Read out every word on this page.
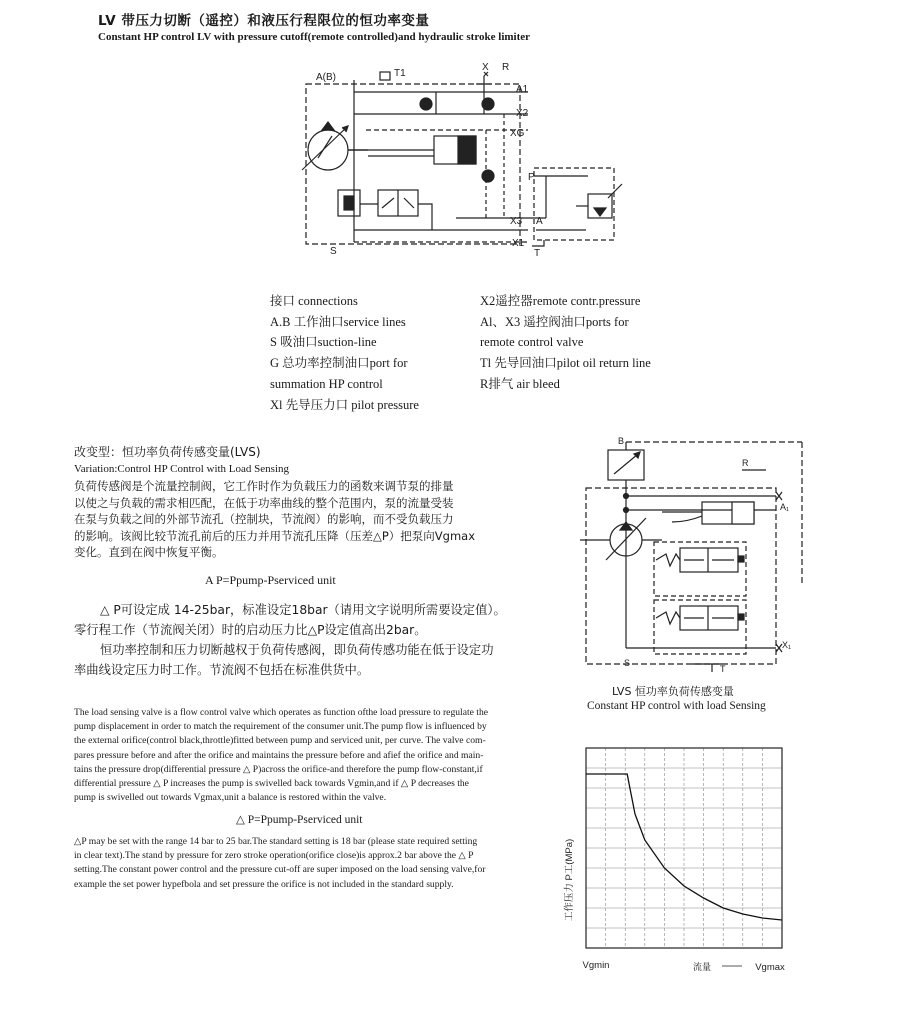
LV 带压力切断（遥控）和液压行程限位的恒功率变量
Constant HP control LV with pressure cutoff(remote controlled)and hydraulic stroke limiter
A(B)	T1
X R
A1
X2
XG
X3
X1
S
P
A
T
接口 connections
A.B 工作油口service lines
S 吸油口suction-line
G 总功率控制油口port for
summation HP control
Xl 先导压力口 pilot pressure
X2遥控器remote contr.pressure
Al、X3 遥控阀油口ports for
remote control valve
Tl 先导回油口pilot oil return line
R排气 air bleed
改变型：恒功率负荷传感变量(LVS)
Variation:Control HP Control with Load Sensing
负荷传感阀是个流量控制阀，它工作时作为负载压力的函数来调节泵的排量
以使之与负载的需求相匹配，在低于功率曲线的整个范围内，泵的流量受装
在泵与负载之间的外部节流孔（控制块，节流阀）的影响，而不受负载压力
的影响。该阀比较节流孔前后的压力并用节流孔压降（压差△P）把泵向Vgmax
变化。直到在阀中恢复平衡。
A P=Ppump-Pserviced unit
△ P可设定成 14-25bar，标准设定18bar（请用文字说明所需要设定值）。
零行程工作（节流阀关闭）时的启动压力比△P设定值高出2bar。
恒功率控制和压力切断越权于负荷传感阀，即负荷传感功能在低于设定功
率曲线设定压力时工作。节流阀不包括在标准供货中。
The load sensing valve is a flow control valve which operates as function ofthe load pressure to regulate the
pump displacement in order to match the requirement of the consumer unit.The pump flow is influenced by
the external orifice(control black,throttle)fitted between pump and serviced unit, per curve. The valve com-
pares pressure before and after the orifice and maintains the pressure before and afief the orifice and main-
tains the pressure drop(differential pressure △ P)across the orifice-and therefore the pump flow-constant,if
differential pressure △ P increases the pump is swivelled back towards Vgmin,and if △ P decreases the
pump is swivelled out towards Vgmax,unit a balance is restored within the valve.
△ P=Ppump-Pserviced unit
△P may be set with the range 14 bar to 25 bar.The standard setting is 18 bar (please state required setting
in clear text).The stand by pressure for zero stroke operation(orifice close)is approx.2 bar above the △ P
setting.The constant power control and the pressure cut-off are super imposed on the load sensing valve,for
example the set power hypefbola and set pressure the orifice is not included in the standard supply.
B
R
A₁
X₁
S
T
LVS 恒功率负荷传感变量
Constant HP control with load Sensing
工作压力 P工(MPa)
Vgmin	流量	Vgmax
